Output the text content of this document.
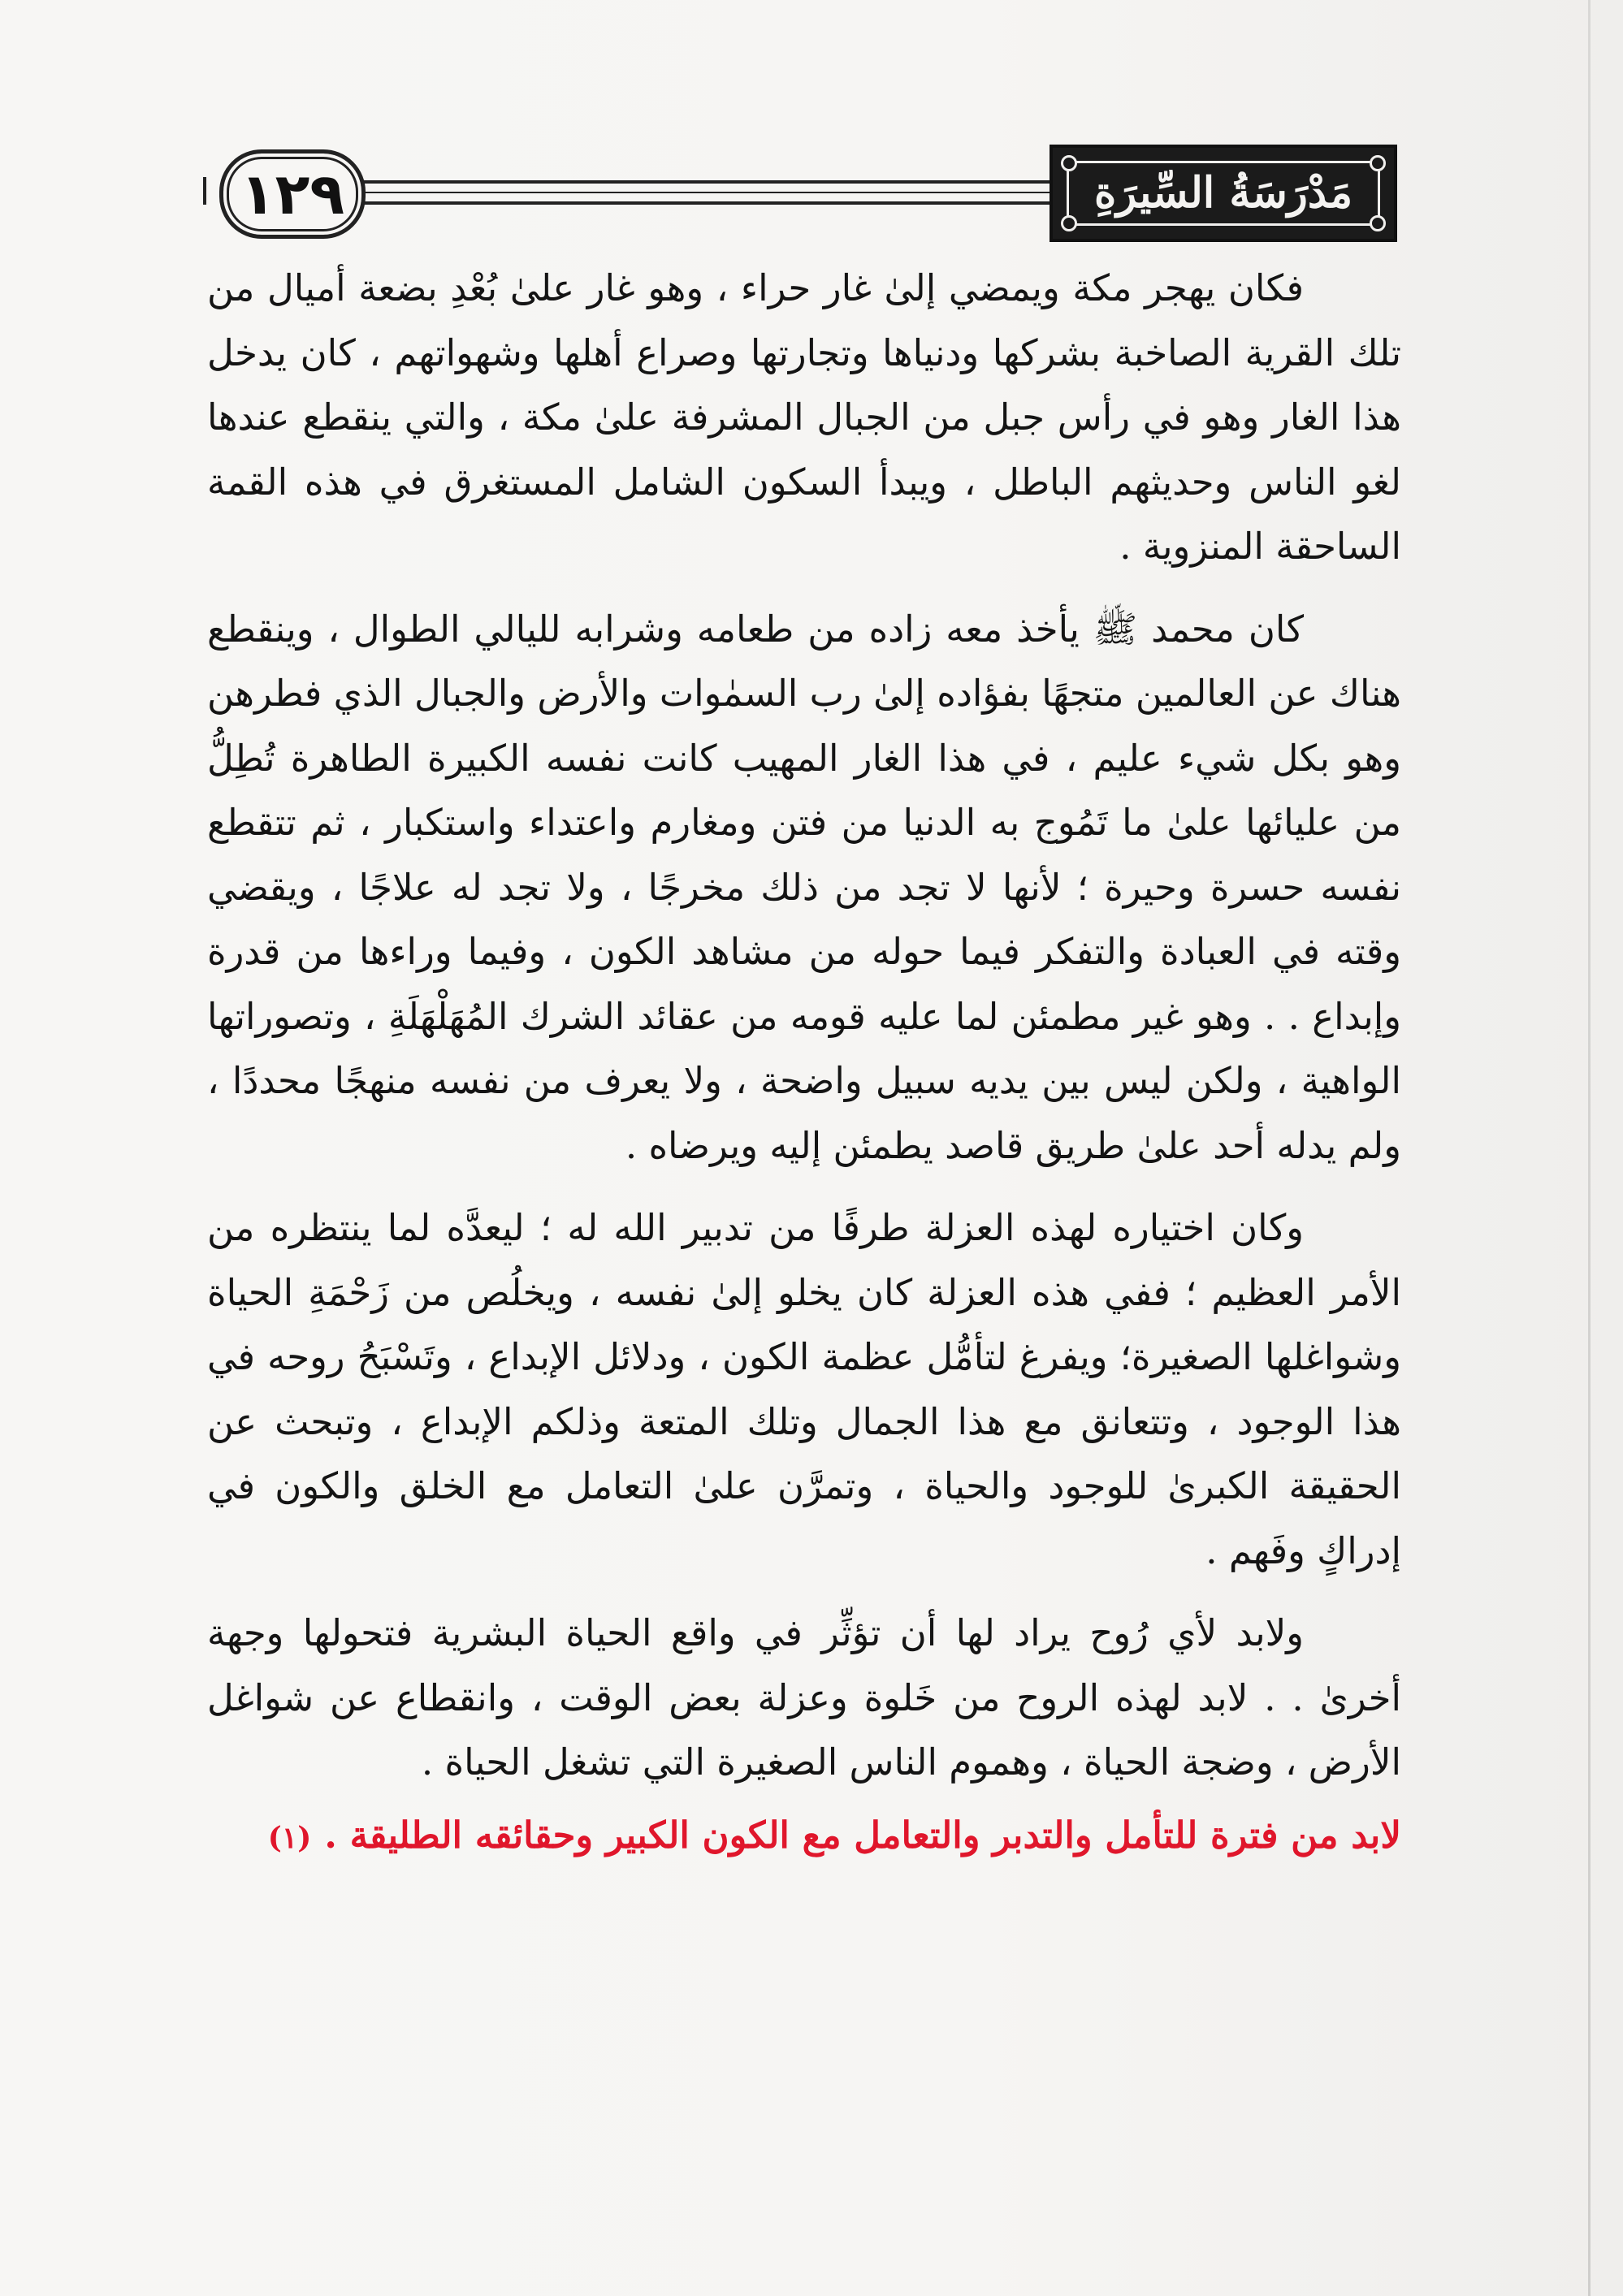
١٢٩	مَدْرَسَةُ السِّيرَةِ

فكان يهجر مكة ويمضي إلىٰ غار حراء ، وهو غار علىٰ بُعْدِ بضعة أميال من تلك القرية الصاخبة بشركها ودنياها وتجارتها وصراع أهلها وشهواتهم ، كان يدخل هذا الغار وهو في رأس جبل من الجبال المشرفة علىٰ مكة ، والتي ينقطع عندها لغو الناس وحديثهم الباطل ، ويبدأ السكون الشامل المستغرق في هذه القمة الساحقة المنزوية .

كان محمد ﷺ يأخذ معه زاده من طعامه وشرابه لليالي الطوال ، وينقطع هناك عن العالمين متجهًا بفؤاده إلىٰ رب السمٰوات والأرض والجبال الذي فطرهن وهو بكل شيء عليم ، في هذا الغار المهيب كانت نفسه الكبيرة الطاهرة تُطِلُّ من عليائها علىٰ ما تَمُوج به الدنيا من فتن ومغارم واعتداء واستكبار ، ثم تتقطع نفسه حسرة وحيرة ؛ لأنها لا تجد من ذلك مخرجًا ، ولا تجد له علاجًا ، ويقضي وقته في العبادة والتفكر فيما حوله من مشاهد الكون ، وفيما وراءها من قدرة وإبداع . . وهو غير مطمئن لما عليه قومه من عقائد الشرك المُهَلْهَلَةِ ، وتصوراتها الواهية ، ولكن ليس بين يديه سبيل واضحة ، ولا يعرف من نفسه منهجًا محددًا ، ولم يدله أحد علىٰ طريق قاصد يطمئن إليه ويرضاه .

وكان اختياره لهذه العزلة طرفًا من تدبير الله له ؛ ليعدَّه لما ينتظره من الأمر العظيم ؛ ففي هذه العزلة كان يخلو إلىٰ نفسه ، ويخلُص من زَحْمَةِ الحياة وشواغلها الصغيرة؛ ويفرغ لتأمُّل عظمة الكون ، ودلائل الإبداع ، وتَسْبَحُ روحه في هذا الوجود ، وتتعانق مع هذا الجمال وتلك المتعة وذلكم الإبداع ، وتبحث عن الحقيقة الكبرىٰ للوجود والحياة ، وتمرَّن علىٰ التعامل مع الخلق والكون في إدراكٍ وفَهم .

ولابد لأي رُوح يراد لها أن تؤثِّر في واقع الحياة البشرية فتحولها وجهة أخرىٰ . . لابد لهذه الروح من خَلوة وعزلة بعض الوقت ، وانقطاع عن شواغل الأرض ، وضجة الحياة ، وهموم الناس الصغيرة التي تشغل الحياة .

لابد من فترة للتأمل والتدبر والتعامل مع الكون الكبير وحقائقه الطليقة .(١)
